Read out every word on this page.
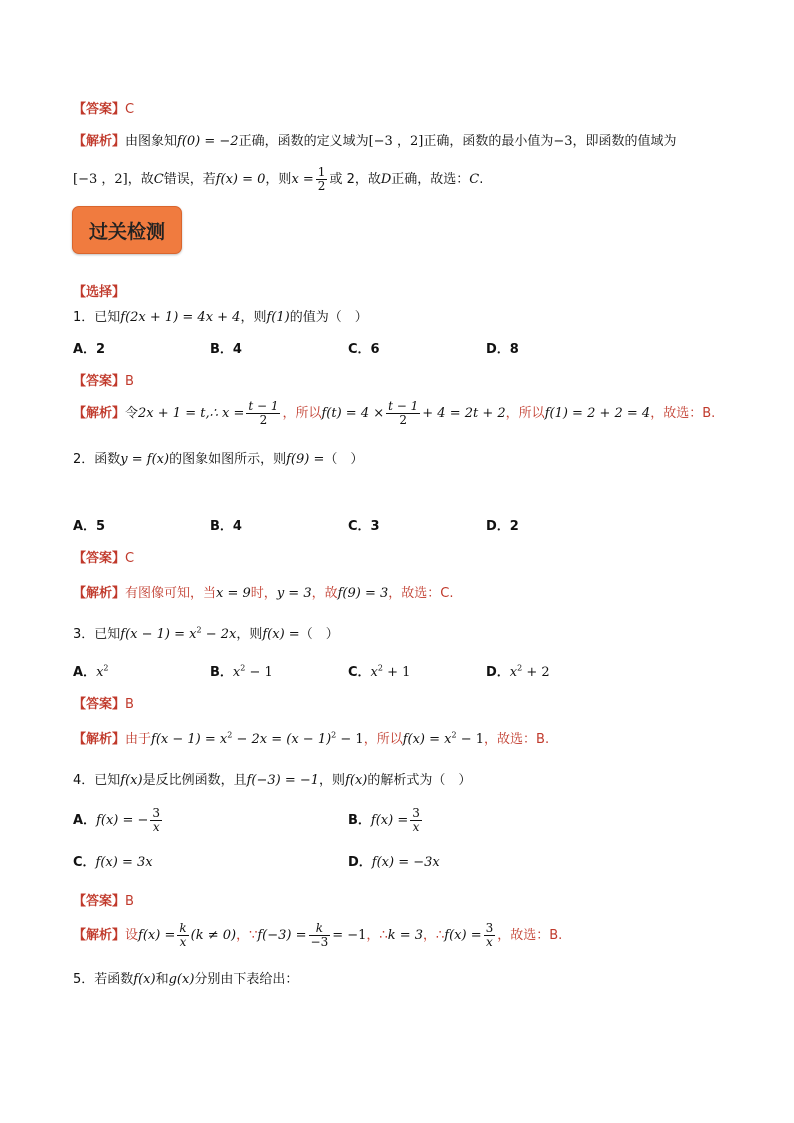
【答案】C
【解析】由图象知f(0) = −2正确，函数的定义域为[−3 ，2]正确，函数的最小值为−3，即函数的值域为
[−3 ，2]，故C错误，若f(x) = 0，则$x = \frac{1}{2}$ 或 2，故D正确，故选：C.
过关检测
【选择】
1．已知f(2x + 1) = 4x + 4，则f(1)的值为（　）
A．2	B．4	C．6	D．8
【答案】B
【解析】令2x + 1 = t,∴ $x = \frac{t - 1}{2}$ ，所以$f(t) = 4 \times \frac{t - 1}{2} + 4 = 2t + 2$，所以f(1) = 2 + 2 = 4，故选：B.
2．函数y = f(x)的图象如图所示，则f(9) =（　）
A．5	B．4	C．3	D．2
【答案】C
【解析】有图像可知，当x = 9时，y = 3，故f(9) = 3，故选：C.
3．已知$f(x - 1) = x^2 - 2x$，则f(x) =（　）
A．$x^2$	B．$x^2 - 1$	C．$x^2 + 1$	D．$x^2 + 2$
【答案】B
【解析】由于$f(x - 1) = x^2 - 2x = (x - 1)^2 - 1$，所以$f(x) = x^2 - 1$，故选：B.
4．已知f(x)是反比例函数，且f(−3) = −1，则f(x)的解析式为（　）
A．f(x) = − $\frac{3}{x}$	B．$f(x) = \frac{3}{x}$
C．f(x) = 3x	D．f(x) = −3x
【答案】B
【解析】设$f(x) = \frac{k}{x} (k \ne 0)$，∵f(−3) = $\frac{k}{-3} = -1$，∴k = 3，∴f(x) = $\frac{3}{x}$ ，故选：B.
5．若函数f(x)和g(x)分别由下表给出：
